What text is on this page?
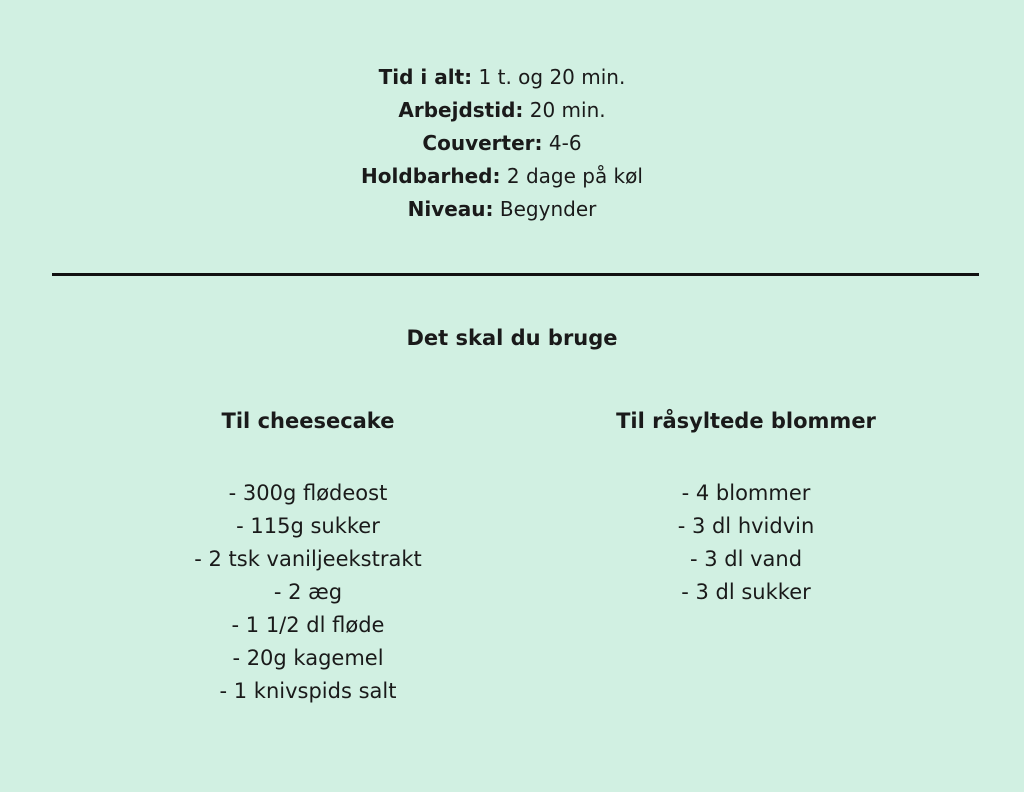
Tid i alt: 1 t. og 20 min.
Arbejdstid: 20 min.
Couverter: 4-6
Holdbarhed: 2 dage på køl
Niveau: Begynder
Det skal du bruge
Til cheesecake
- 300g flødeost
- 115g sukker
- 2 tsk vaniljeekstrakt
- 2 æg
- 1 1/2 dl fløde
- 20g kagemel
- 1 knivspids salt
Til råsyltede blommer
- 4 blommer
- 3 dl hvidvin
- 3 dl vand
- 3 dl sukker
